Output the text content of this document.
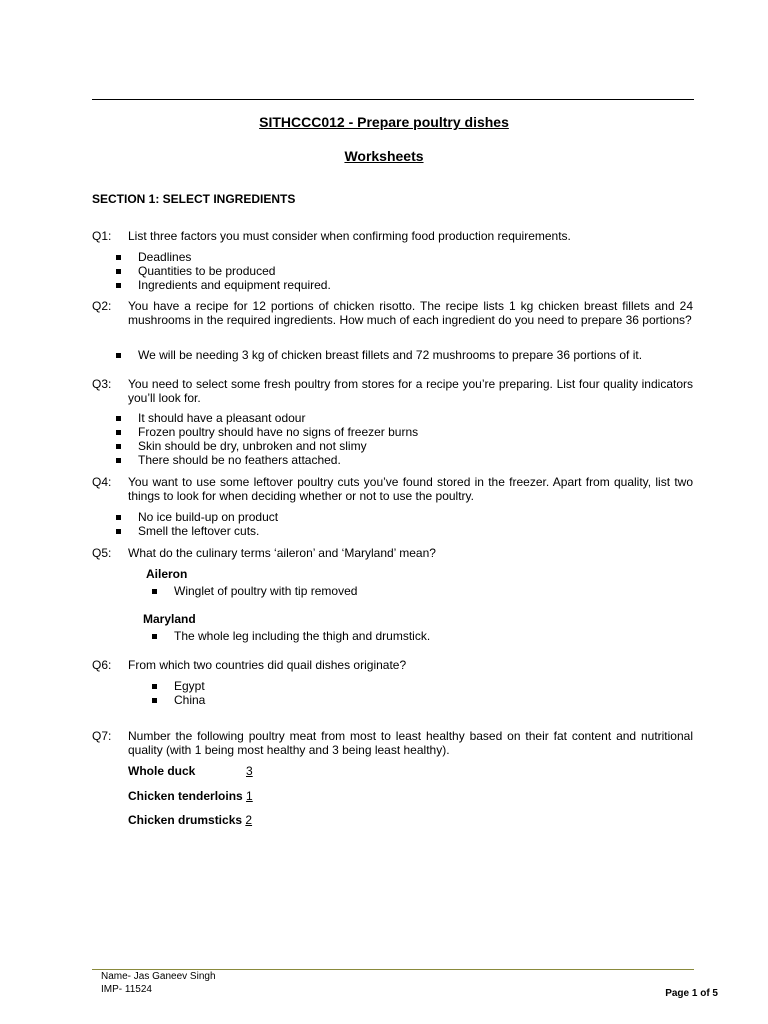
SITHCCC012 - Prepare poultry dishes
Worksheets
SECTION 1: SELECT INGREDIENTS
Q1: List three factors you must consider when confirming food production requirements.
Deadlines
Quantities to be produced
Ingredients and equipment required.
Q2: You have a recipe for 12 portions of chicken risotto. The recipe lists 1 kg chicken breast fillets and 24 mushrooms in the required ingredients. How much of each ingredient do you need to prepare 36 portions?
We will be needing 3 kg of chicken breast fillets and 72 mushrooms to prepare 36 portions of it.
Q3: You need to select some fresh poultry from stores for a recipe you’re preparing. List four quality indicators you’ll look for.
It should have a pleasant odour
Frozen poultry should have no signs of freezer burns
Skin should be dry, unbroken and not slimy
There should be no feathers attached.
Q4: You want to use some leftover poultry cuts you’ve found stored in the freezer. Apart from quality, list two things to look for when deciding whether or not to use the poultry.
No ice build-up on product
Smell the leftover cuts.
Q5: What do the culinary terms ‘aileron’ and ‘Maryland’ mean?
Aileron
Winglet of poultry with tip removed
Maryland
The whole leg including the thigh and drumstick.
Q6: From which two countries did quail dishes originate?
Egypt
China
Q7: Number the following poultry meat from most to least healthy based on their fat content and nutritional quality (with 1 being most healthy and 3 being least healthy).
Whole duck	3
Chicken tenderloins 1
Chicken drumsticks 2
Name- Jas Ganeev Singh
IMP- 11524	Page 1 of 5
